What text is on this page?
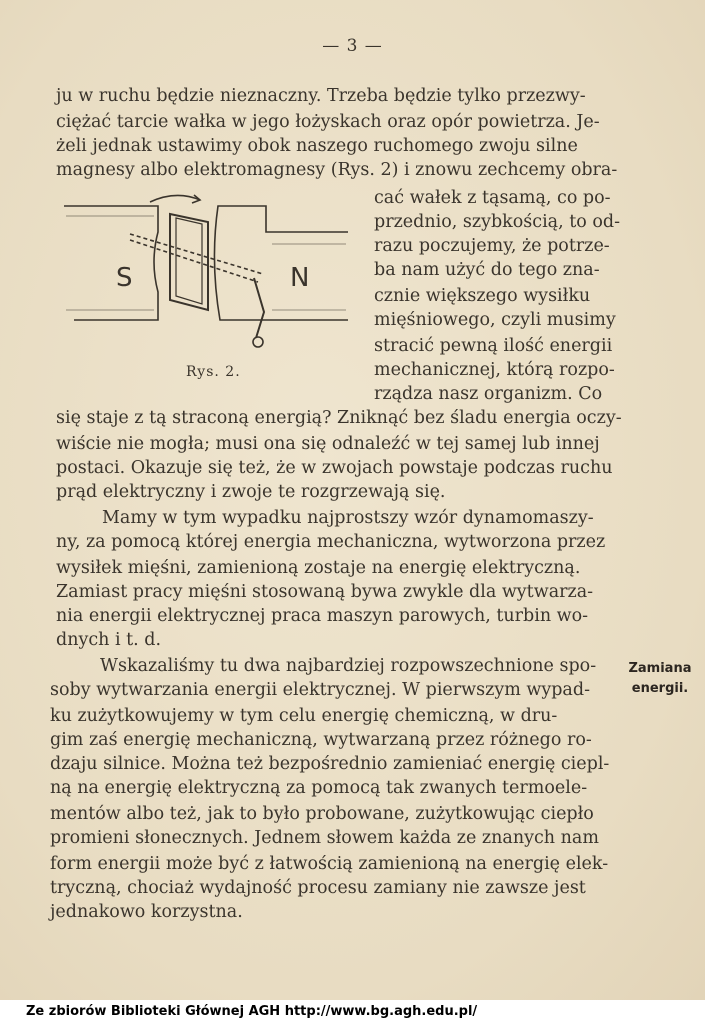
— 3 —
ju w ruchu będzie nieznaczny. Trzeba będzie tylko przezwy-
ciężać tarcie wałka w jego łożyskach oraz opór powietrza. Je-
żeli jednak ustawimy obok naszego ruchomego zwoju silne
magnesy albo elektromagnesy (Rys. 2) i znowu zechcemy obra-
S	N
Rys. 2.
cać wałek z tąsamą, co po-
przednio, szybkością, to od-
razu poczujemy, że potrze-
ba nam użyć do tego zna-
cznie większego wysiłku
mięśniowego, czyli musimy
stracić pewną ilość energii
mechanicznej, którą rozpo-
rządza nasz organizm. Co
się staje z tą straconą energią? Zniknąć bez śladu energia oczy-
wiście nie mogła; musi ona się odnaleźć w tej samej lub innej
postaci. Okazuje się też, że w zwojach powstaje podczas ruchu
prąd elektryczny i zwoje te rozgrzewają się.
Mamy w tym wypadku najprostszy wzór dynamomaszy-
ny, za pomocą której energia mechaniczna, wytworzona przez
wysiłek mięśni, zamienioną zostaje na energię elektryczną.
Zamiast pracy mięśni stosowaną bywa zwykle dla wytwarza-
nia energii elektrycznej praca maszyn parowych, turbin wo-
dnych i t. d.
Wskazaliśmy tu dwa najbardziej rozpowszechnione spo-
soby wytwarzania energii elektrycznej. W pierwszym wypad-
ku zużytkowujemy w tym celu energię chemiczną, w dru-
gim zaś energię mechaniczną, wytwarzaną przez różnego ro-
dzaju silnice. Można też bezpośrednio zamieniać energię ciepl-
ną na energię elektryczną za pomocą tak zwanych termoele-
mentów albo też, jak to było probowane, zużytkowując ciepło
promieni słonecznych. Jednem słowem każda ze znanych nam
form energii może być z łatwością zamienioną na energię elek-
tryczną, chociaż wydajność procesu zamiany nie zawsze jest
jednakowo korzystna.
Zamiana
energii.
Ze zbiorów Biblioteki Głównej AGH http://www.bg.agh.edu.pl/
